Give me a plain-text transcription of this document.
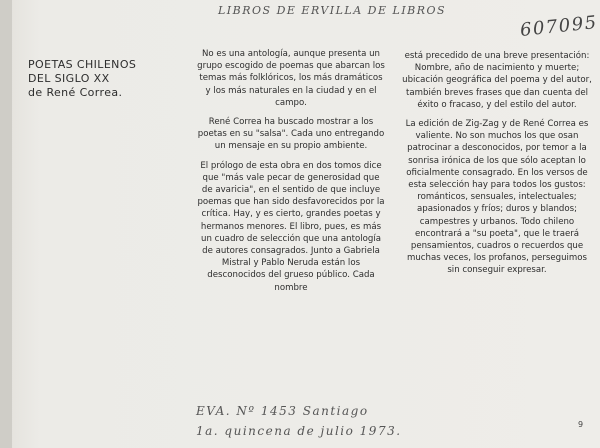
LIBROS DE ERVILLA DE LIBROS
607095
POETAS CHILENOS
DEL SIGLO XX
de René Correa.

No es una antología, aunque presenta un grupo escogido de poemas que abarcan los temas más folklóricos, los más dramáticos y los más naturales en la ciudad y en el campo.

René Correa ha buscado mostrar a los poetas en su "salsa". Cada uno entregando un mensaje en su propio ambiente.

El prólogo de esta obra en dos tomos dice que "más vale pecar de generosidad que de avaricia", en el sentido de que incluye poemas que han sido desfavorecidos por la crítica. Hay, y es cierto, grandes poetas y hermanos menores. El libro, pues, es más un cuadro de selección que una antología de autores consagrados. Junto a Gabriela Mistral y Pablo Neruda están los desconocidos del grueso público. Cada nombre

está precedido de una breve presentación: Nombre, año de nacimiento y muerte; ubicación geográfica del poema y del autor, también breves frases que dan cuenta del éxito o fracaso, y del estilo del autor.

La edición de Zig-Zag y de René Correa es valiente. No son muchos los que osan patrocinar a desconocidos, por temor a la sonrisa irónica de los que sólo aceptan lo oficialmente consagrado. En los versos de esta selección hay para todos los gustos: románticos, sensuales, intelectuales; apasionados y fríos; duros y blandos; campestres y urbanos. Todo chileno encontrará a "su poeta", que le traerá pensamientos, cuadros o recuerdos que muchas veces, los profanos, perseguimos sin conseguir expresar.

EVA. Nº 1453 Santiago
1a. quincena de julio 1973.	9
